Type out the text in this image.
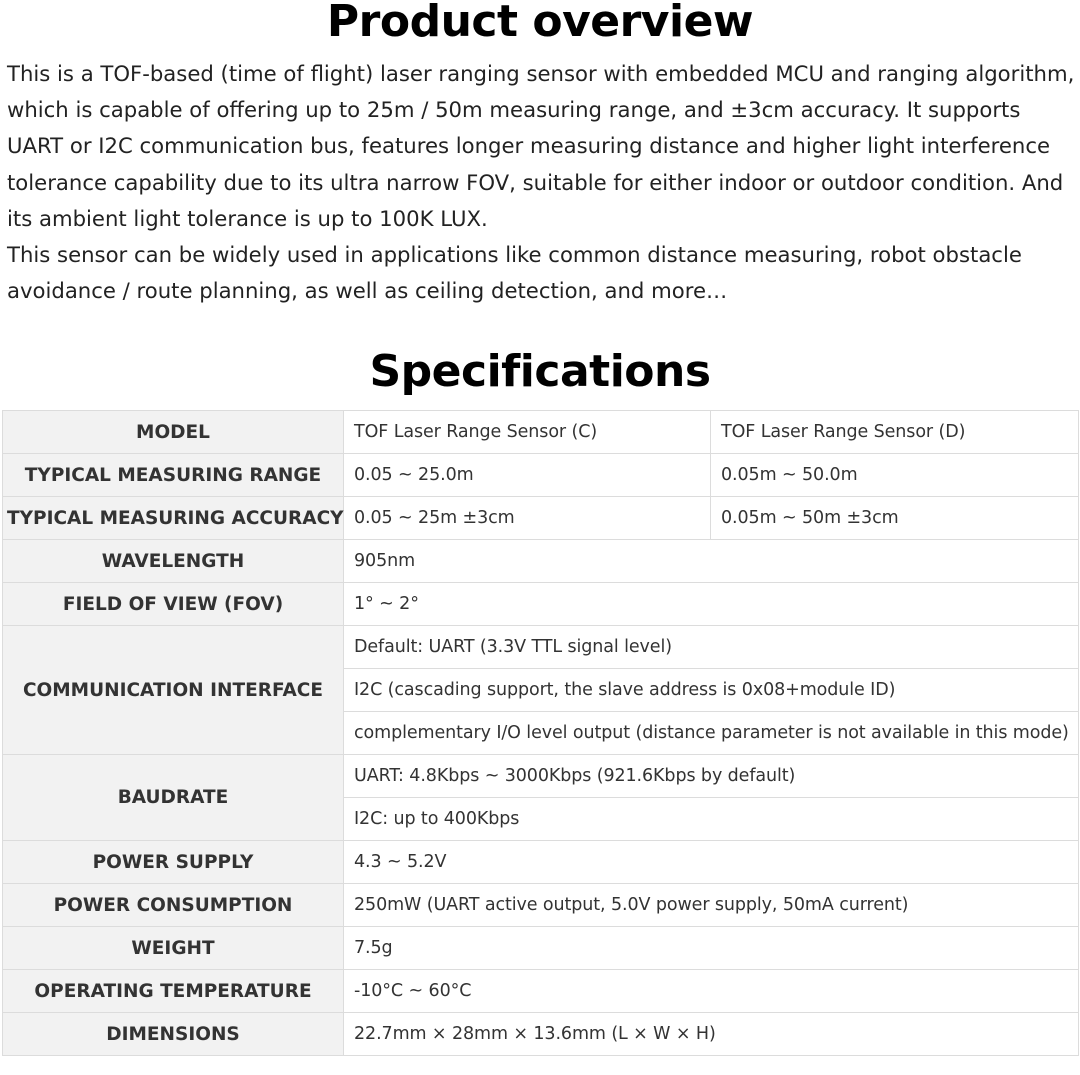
Product overview

This is a TOF-based (time of flight) laser ranging sensor with embedded MCU and ranging algorithm, which is capable of offering up to 25m / 50m measuring range, and ±3cm accuracy. It supports UART or I2C communication bus, features longer measuring distance and higher light interference tolerance capability due to its ultra narrow FOV, suitable for either indoor or outdoor condition. And its ambient light tolerance is up to 100K LUX.

This sensor can be widely used in applications like common distance measuring, robot obstacle avoidance / route planning, as well as ceiling detection, and more…

Specifications
MODEL	TOF Laser Range Sensor (C)	TOF Laser Range Sensor (D)
TYPICAL MEASURING RANGE	0.05 ~ 25.0m	0.05m ~ 50.0m
TYPICAL MEASURING ACCURACY	0.05 ~ 25m ±3cm	0.05m ~ 50m ±3cm
WAVELENGTH	905nm	
FIELD OF VIEW (FOV)	1° ~ 2°	
COMMUNICATION INTERFACE	Default: UART (3.3V TTL signal level)	
	I2C (cascading support, the slave address is 0x08+module ID)	
	complementary I/O level output (distance parameter is not available in this mode)	
BAUDRATE	UART: 4.8Kbps ~ 3000Kbps (921.6Kbps by default)	
	I2C: up to 400Kbps	
POWER SUPPLY	4.3 ~ 5.2V	
POWER CONSUMPTION	250mW (UART active output, 5.0V power supply, 50mA current)	
WEIGHT	7.5g	
OPERATING TEMPERATURE	-10°C ~ 60°C	
DIMENSIONS	22.7mm × 28mm × 13.6mm (L × W × H)	
